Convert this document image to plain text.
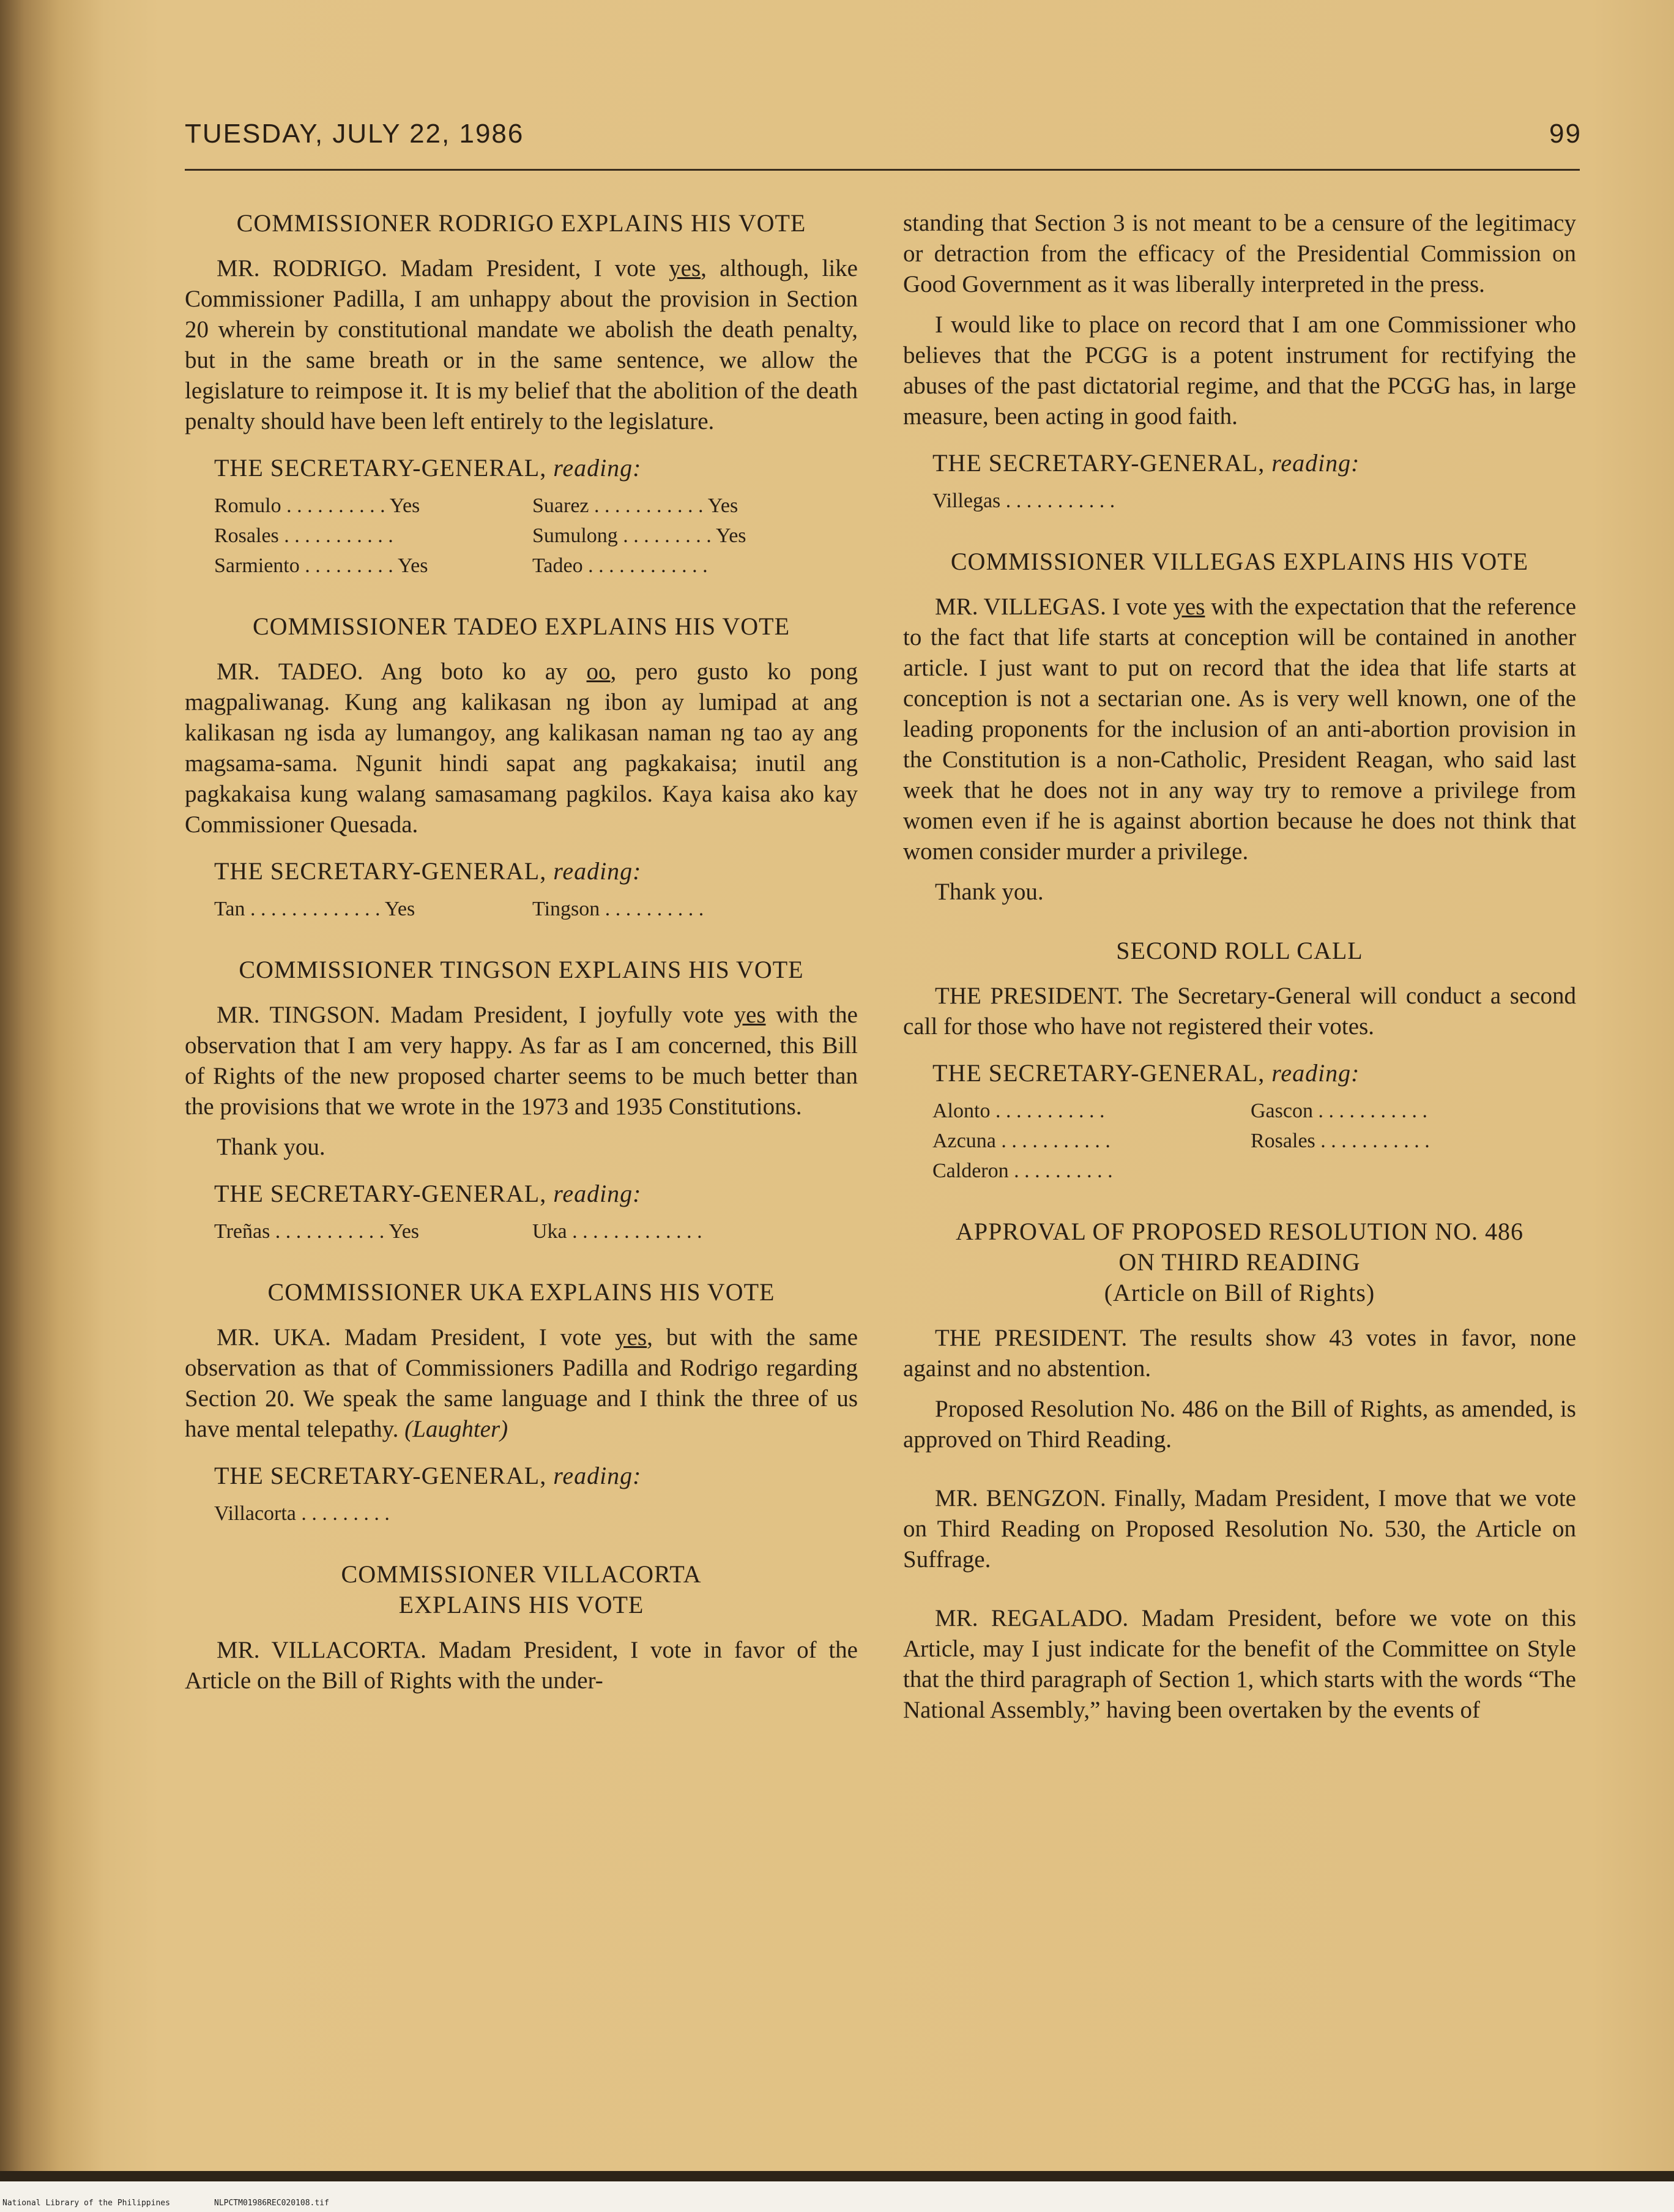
TUESDAY, JULY 22, 1986	99
COMMISSIONER RODRIGO EXPLAINS HIS VOTE

MR. RODRIGO. Madam President, I vote yes, although, like Commissioner Padilla, I am unhappy about the provision in Section 20 wherein by constitutional mandate we abolish the death penalty, but in the same breath or in the same sentence, we allow the legislature to reimpose it. It is my belief that the abolition of the death penalty should have been left entirely to the legislature.

THE SECRETARY-GENERAL, reading:
Romulo . . . . . . . . . . Yes	Suarez . . . . . . . . . . . Yes
Rosales . . . . . . . . . . .	Sumulong . . . . . . . . . Yes
Sarmiento . . . . . . . . . Yes	Tadeo . . . . . . . . . . . .
COMMISSIONER TADEO EXPLAINS HIS VOTE

MR. TADEO. Ang boto ko ay oo, pero gusto ko pong magpaliwanag. Kung ang kalikasan ng ibon ay lumipad at ang kalikasan ng isda ay lumangoy, ang kalikasan naman ng tao ay ang magsama-sama. Ngunit hindi sapat ang pagkakaisa; inutil ang pagkakaisa kung walang samasamang pagkilos. Kaya kaisa ako kay Commissioner Quesada.

THE SECRETARY-GENERAL, reading:
Tan . . . . . . . . . . . . . Yes	Tingson . . . . . . . . . .
COMMISSIONER TINGSON EXPLAINS HIS VOTE

MR. TINGSON. Madam President, I joyfully vote yes with the observation that I am very happy. As far as I am concerned, this Bill of Rights of the new proposed charter seems to be much better than the provisions that we wrote in the 1973 and 1935 Constitutions.

Thank you.

THE SECRETARY-GENERAL, reading:
Treñas . . . . . . . . . . . Yes	Uka . . . . . . . . . . . . .
COMMISSIONER UKA EXPLAINS HIS VOTE

MR. UKA. Madam President, I vote yes, but with the same observation as that of Commissioners Padilla and Rodrigo regarding Section 20. We speak the same language and I think the three of us have mental telepathy. (Laughter)

THE SECRETARY-GENERAL, reading:
Villacorta . . . . . . . . .
COMMISSIONER VILLACORTA
EXPLAINS HIS VOTE

MR. VILLACORTA. Madam President, I vote in favor of the Article on the Bill of Rights with the under-

standing that Section 3 is not meant to be a censure of the legitimacy or detraction from the efficacy of the Presidential Commission on Good Government as it was liberally interpreted in the press.

I would like to place on record that I am one Commissioner who believes that the PCGG is a potent instrument for rectifying the abuses of the past dictatorial regime, and that the PCGG has, in large measure, been acting in good faith.

THE SECRETARY-GENERAL, reading:
Villegas . . . . . . . . . . .
COMMISSIONER VILLEGAS EXPLAINS HIS VOTE

MR. VILLEGAS. I vote yes with the expectation that the reference to the fact that life starts at conception will be contained in another article. I just want to put on record that the idea that life starts at conception is not a sectarian one. As is very well known, one of the leading proponents for the inclusion of an anti-abortion provision in the Constitution is a non-Catholic, President Reagan, who said last week that he does not in any way try to remove a privilege from women even if he is against abortion because he does not think that women consider murder a privilege.

Thank you.

SECOND ROLL CALL

THE PRESIDENT. The Secretary-General will conduct a second call for those who have not registered their votes.

THE SECRETARY-GENERAL, reading:
Alonto . . . . . . . . . . .	Gascon . . . . . . . . . . .
Azcuna . . . . . . . . . . .	Rosales . . . . . . . . . . .
Calderon . . . . . . . . . .
APPROVAL OF PROPOSED RESOLUTION NO. 486
ON THIRD READING
(Article on Bill of Rights)

THE PRESIDENT. The results show 43 votes in favor, none against and no abstention.

Proposed Resolution No. 486 on the Bill of Rights, as amended, is approved on Third Reading.

MR. BENGZON. Finally, Madam President, I move that we vote on Third Reading on Proposed Resolution No. 530, the Article on Suffrage.

MR. REGALADO. Madam President, before we vote on this Article, may I just indicate for the benefit of the Committee on Style that the third paragraph of Section 1, which starts with the words “The National Assembly,” having been overtaken by the events of

National Library of the Philippines	NLPCTM01986REC020108.tif
